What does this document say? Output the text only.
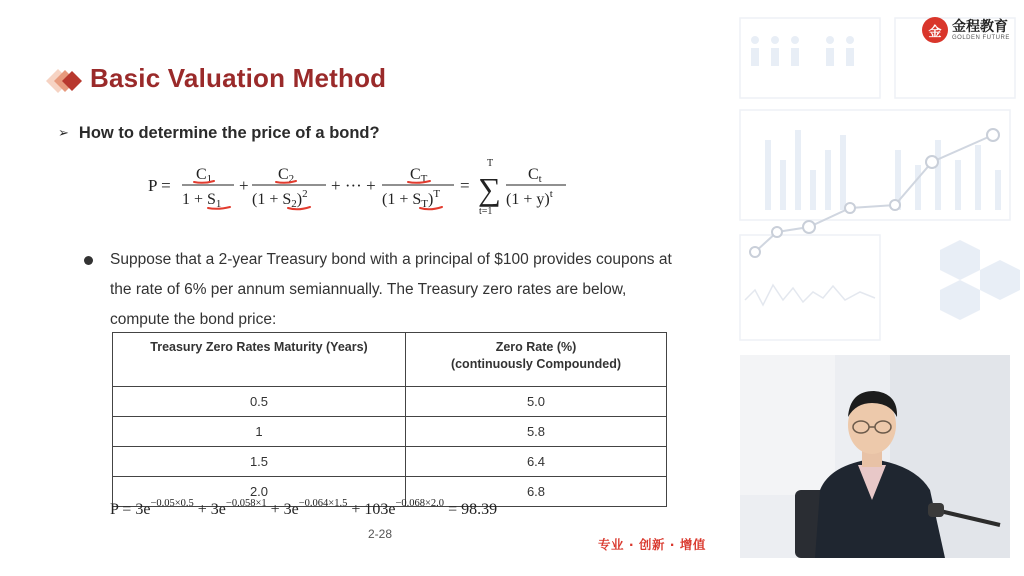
金 金程教育
GOLDEN FUTURE
Basic Valuation Method
➢ How to determine the price of a bond?
P =
C1
1 + S1
+
C2
$(1 + S2)^2$ + ··· +
CT
(1 + ST)$^T$ =
T
∑
t=1
Ct
$(1 + y)^t$
Suppose that a 2-year Treasury bond with a principal of $100 provides coupons at the rate of 6% per annum semiannually. The Treasury zero rates are below, compute the bond price:
Treasury Zero Rates Maturity (Years)	Zero Rate (%)
(continuously Compounded)
0.5	5.0
1	5.8
1.5	6.4
2.0	6.8
$P = 3e^{-0.05\times 0.5} + 3e^{-0.058\times 1} + 3e^{-0.064\times 1.5} + 103e^{-0.068\times 2.0} = 98.39$
2-28
专业 · 创新 · 增值
